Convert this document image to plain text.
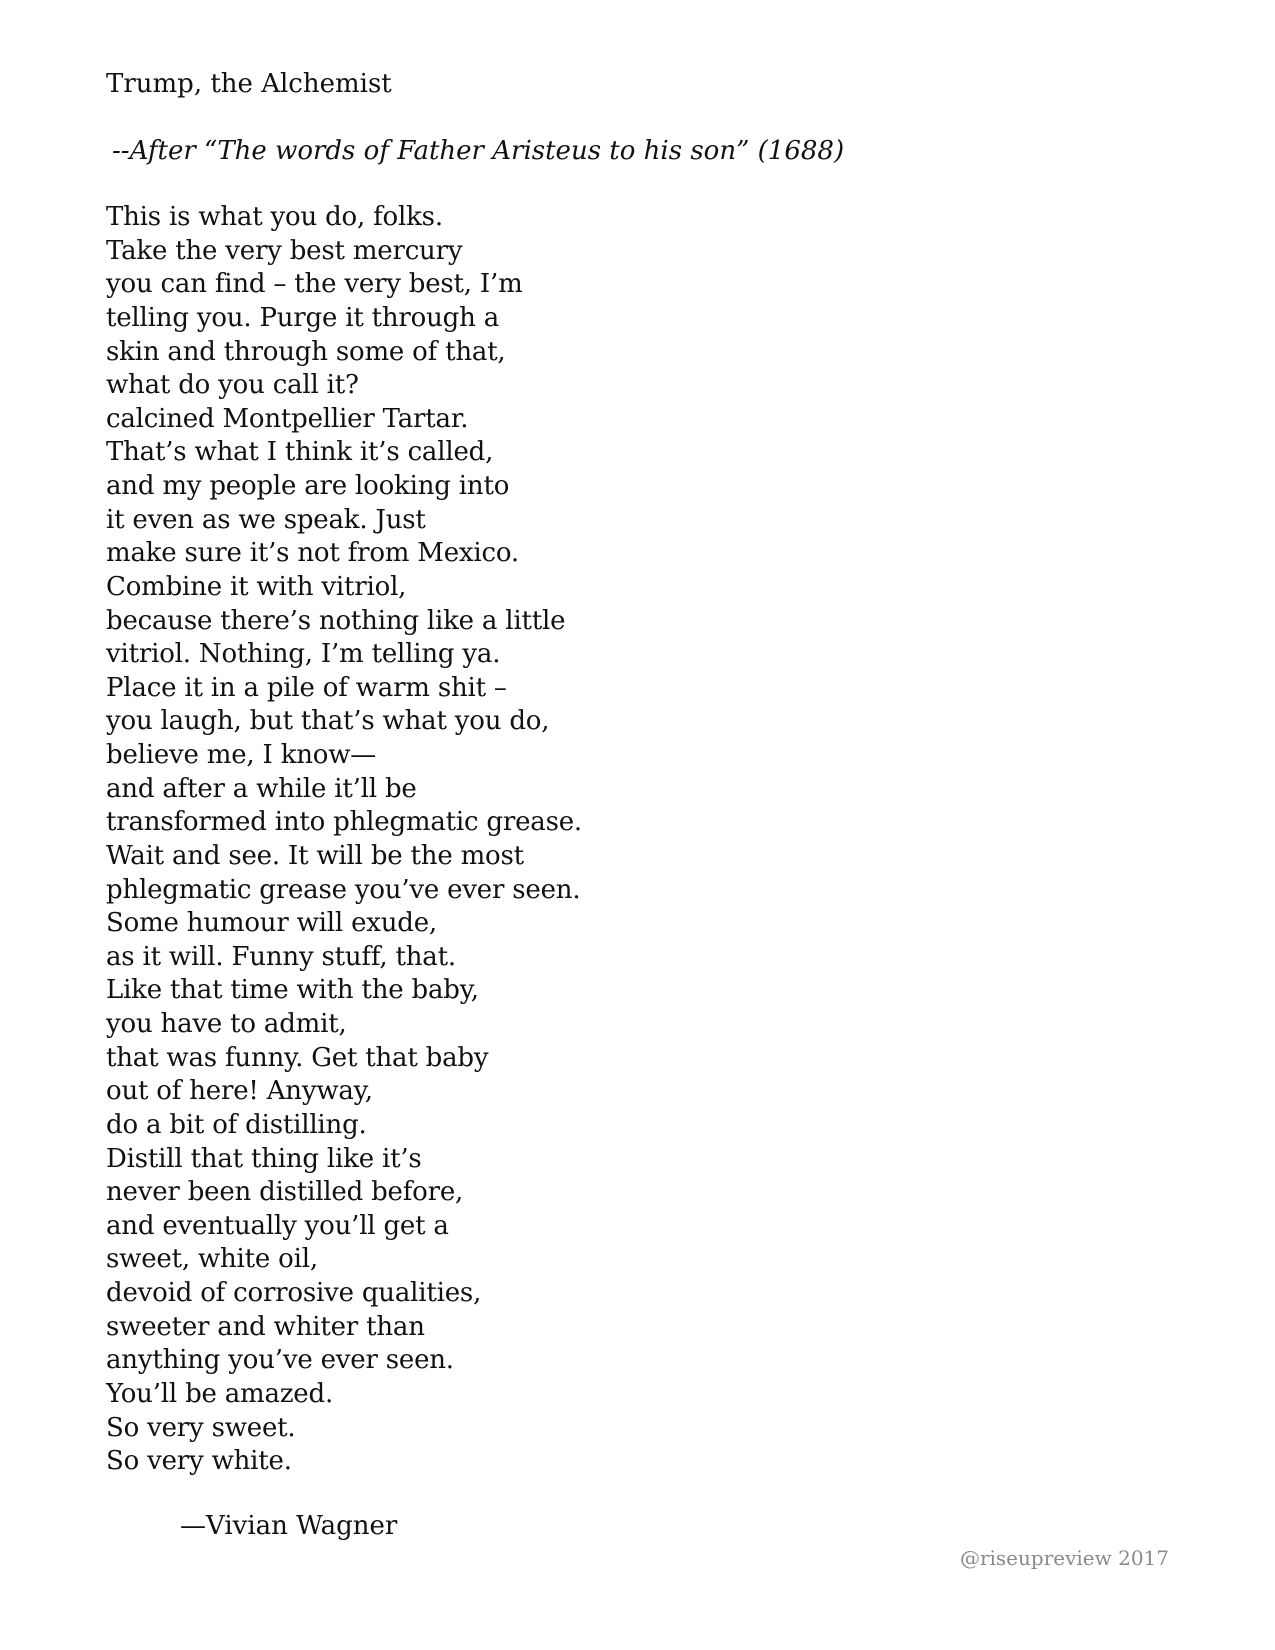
Trump, the Alchemist
--After “The words of Father Aristeus to his son” (1688)
This is what you do, folks.
Take the very best mercury
you can find – the very best, I’m
telling you. Purge it through a
skin and through some of that,
what do you call it?
calcined Montpellier Tartar.
That’s what I think it’s called,
and my people are looking into
it even as we speak. Just
make sure it’s not from Mexico.
Combine it with vitriol,
because there’s nothing like a little
vitriol. Nothing, I’m telling ya.
Place it in a pile of warm shit –
you laugh, but that’s what you do,
believe me, I know—
and after a while it’ll be
transformed into phlegmatic grease.
Wait and see. It will be the most
phlegmatic grease you’ve ever seen.
Some humour will exude,
as it will. Funny stuff, that.
Like that time with the baby,
you have to admit,
that was funny. Get that baby
out of here! Anyway,
do a bit of distilling.
Distill that thing like it’s
never been distilled before,
and eventually you’ll get a
sweet, white oil,
devoid of corrosive qualities,
sweeter and whiter than
anything you’ve ever seen.
You’ll be amazed.
So very sweet.
So very white.
—Vivian Wagner
@riseupreview 2017
